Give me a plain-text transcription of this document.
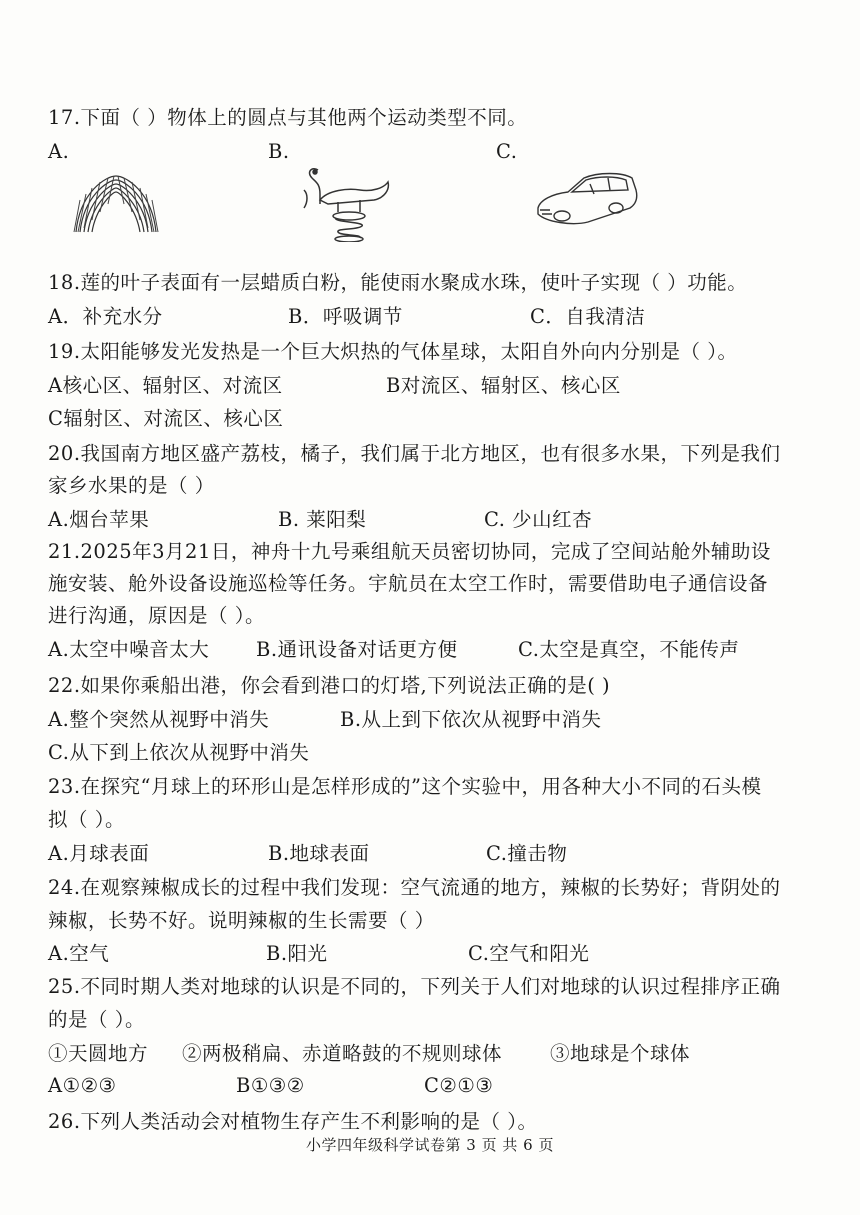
17.下面（ ）物体上的圆点与其他两个运动类型不同。
A.	B.	C.
18.莲的叶子表面有一层蜡质白粉，能使雨水聚成水珠，使叶子实现（ ）功能。
A．补充水分	B．呼吸调节	C．自我清洁
19.太阳能够发光发热是一个巨大炽热的气体星球，太阳自外向内分别是（ ）。
A核心区、辐射区、对流区	B对流区、辐射区、核心区
C辐射区、对流区、核心区
20.我国南方地区盛产荔枝，橘子，我们属于北方地区，也有很多水果，下列是我们
家乡水果的是（ ）
A.烟台苹果	B. 莱阳梨	C. 少山红杏
21.2025年3月21日，神舟十九号乘组航天员密切协同，完成了空间站舱外辅助设
施安装、舱外设备设施巡检等任务。宇航员在太空工作时，需要借助电子通信设备
进行沟通，原因是（ ）。
A.太空中噪音太大 B.通讯设备对话更方便	C.太空是真空，不能传声
22.如果你乘船出港，你会看到港口的灯塔,下列说法正确的是( )
A.整个突然从视野中消失	B.从上到下依次从视野中消失
C.从下到上依次从视野中消失
23.在探究“月球上的环形山是怎样形成的”这个实验中，用各种大小不同的石头模
拟（ ）。
A.月球表面	B.地球表面	C.撞击物
24.在观察辣椒成长的过程中我们发现：空气流通的地方，辣椒的长势好；背阴处的
辣椒，长势不好。说明辣椒的生长需要（ ）
A.空气	B.阳光	C.空气和阳光
25.不同时期人类对地球的认识是不同的，下列关于人们对地球的认识过程排序正确
的是（ ）。
①天圆地方 ②两极稍扁、赤道略鼓的不规则球体 ③地球是个球体
A①②③	B①③②	C②①③
26.下列人类活动会对植物生存产生不利影响的是（ ）。
小学四年级科学试卷第 3 页 共 6 页
